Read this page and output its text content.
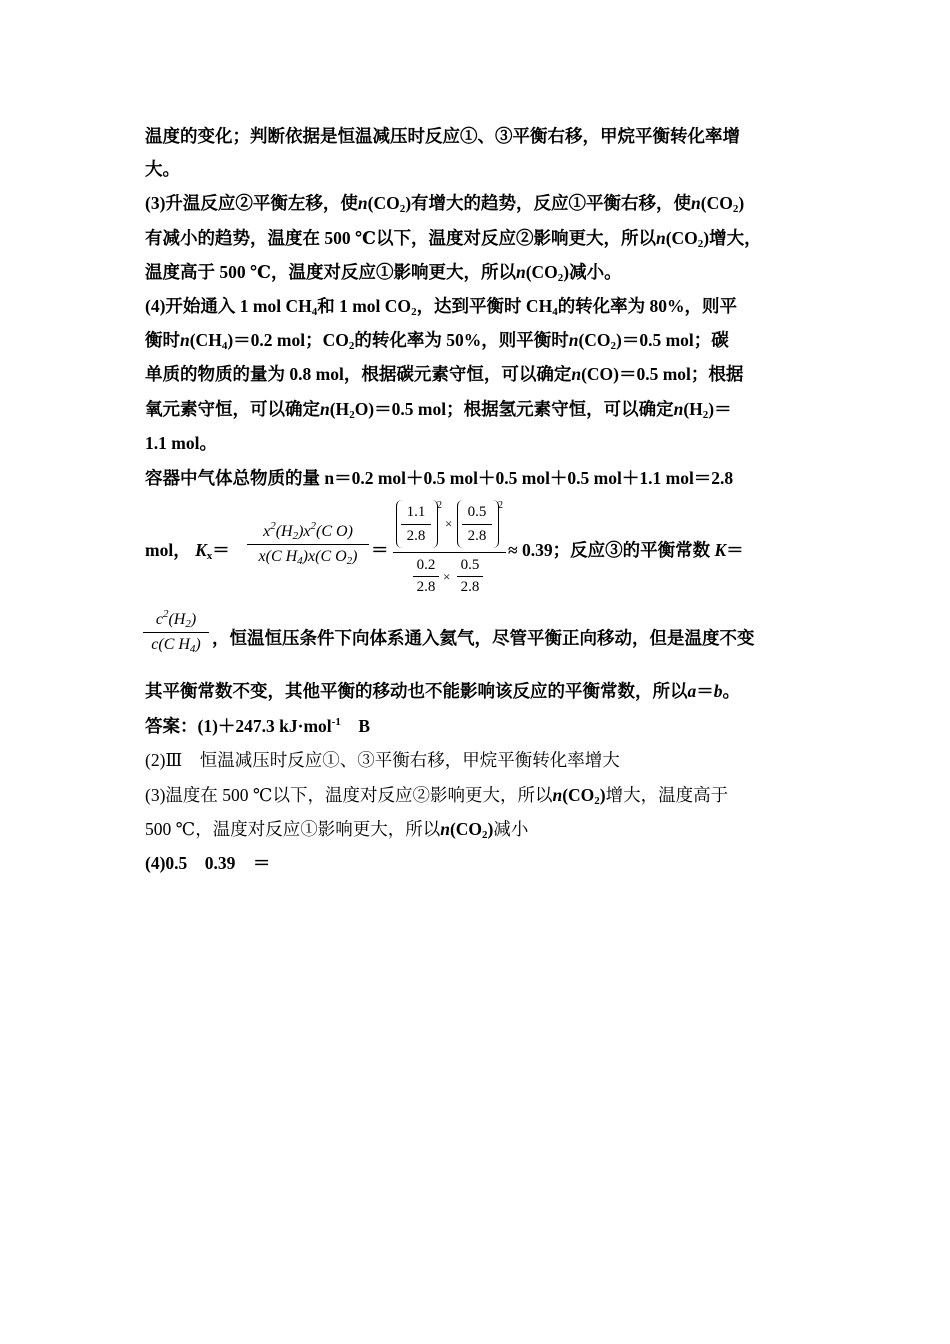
温度的变化；判断依据是恒温减压时反应①、③平衡右移，甲烷平衡转化率增
大。
(3)升温反应②平衡左移，使$n(CO_2)$有增大的趋势，反应①平衡右移，使$n(CO_2)$
有减小的趋势，温度在 500 ℃以下，温度对反应②影响更大，所以$n(CO_2)$增大，
温度高于 500 ℃，温度对反应①影响更大，所以$n(CO_2)$减小。
(4)开始通入 1 mol $CH_4$和 1 mol $CO_2$，达到平衡时 $CH_4$的转化率为 80%，则平
衡时$n(CH_4)=0.2$ mol；$CO_2$的转化率为 50%，则平衡时$n(CO_2)=0.5$ mol；碳
单质的物质的量为 0.8 mol，根据碳元素守恒，可以确定n(CO)＝0.5 mol；根据
氧元素守恒，可以确定$n(H_2O)=0.5$ mol；根据氢元素守恒，可以确定$n(H_2)=$
1.1 mol。
容器中气体总物质的量 n＝0.2 mol＋0.5 mol＋0.5 mol＋0.5 mol＋1.1 mol＝2.8
mol， $K_x=$
$x^2(H_2)x^2(C$ O)
x(C $H_4)x(C$ $O_2$) ＝
1.1
2.8
2
×
0.5
2.8
2
0.2
2.8
×
0.5
2.8
≈ 0.39；反应③的平衡常数 K＝
$c^2(H_2)$
c(C $H_4$) ，恒温恒压条件下向体系通入氦气，尽管平衡正向移动，但是温度不变
其平衡常数不变，其他平衡的移动也不能影响该反应的平衡常数，所以a＝b。
答案：(1)＋247.3 kJ·mol$^{-1}$ B
(2)Ⅲ　恒温减压时反应①、③平衡右移，甲烷平衡转化率增大
(3)温度在 500 ℃以下，温度对反应②影响更大，所以$n(CO_2)$增大，温度高于
500 ℃，温度对反应①影响更大，所以$n(CO_2)$减小
(4)0.5　0.39　＝
